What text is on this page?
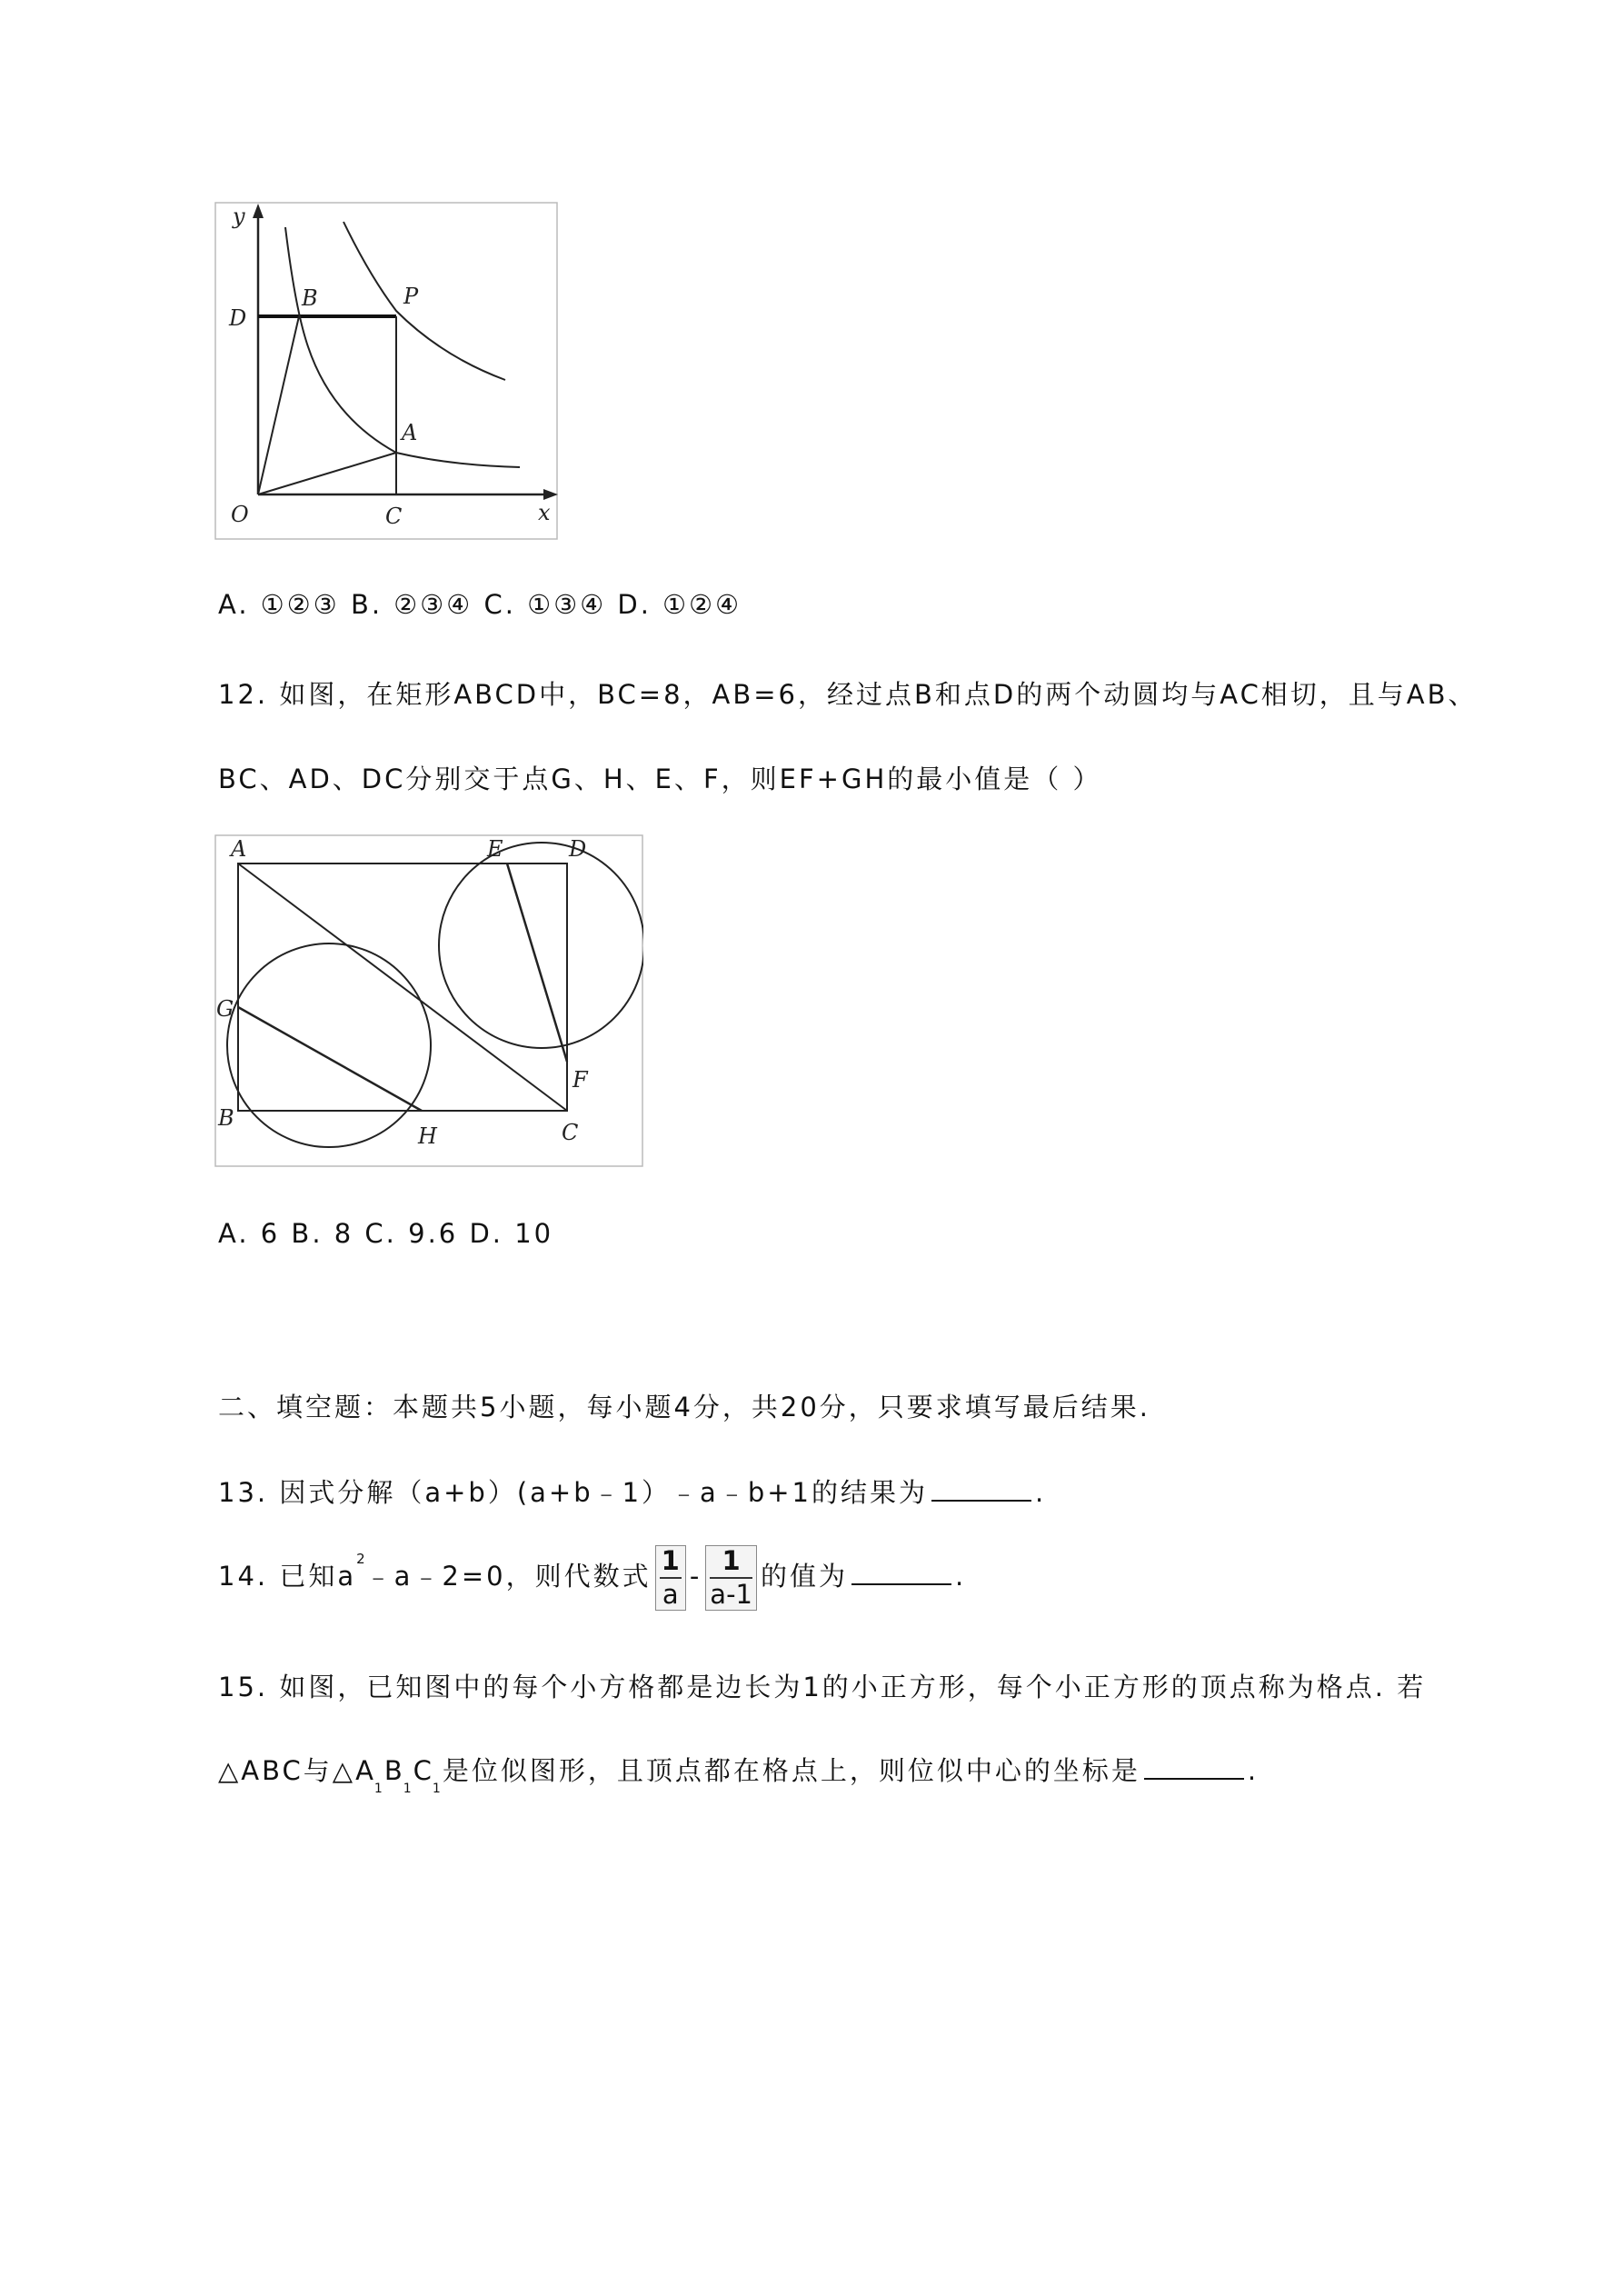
y
x
O	C
D
B	P
A
A. ①②③ B. ②③④ C. ①③④ D. ①②④
12. 如图，在矩形ABCD中，BC=8，AB=6，经过点B和点D的两个动圆均与AC相切，且与AB、
BC、AD、DC分别交于点G、H、E、F，则EF+GH的最小值是（ ）
A	E	D
G
F
B
H	C
A. 6 B. 8 C. 9.6 D. 10
二、填空题：本题共5小题，每小题4分，共20分，只要求填写最后结果.
13. 因式分解（a+b）(a+b﹣1）﹣a﹣b+1的结果为	.
14. 已知$a^2﹣a﹣2=0$，则代数式 $\frac{1}{a} - \frac{1}{a-1}$ 的值为	.
15. 如图，已知图中的每个小方格都是边长为1的小正方形，每个小正方形的顶点称为格点. 若
△ABC与$\triangle A_1B_1C_1$是位似图形，且顶点都在格点上，则位似中心的坐标是	.
